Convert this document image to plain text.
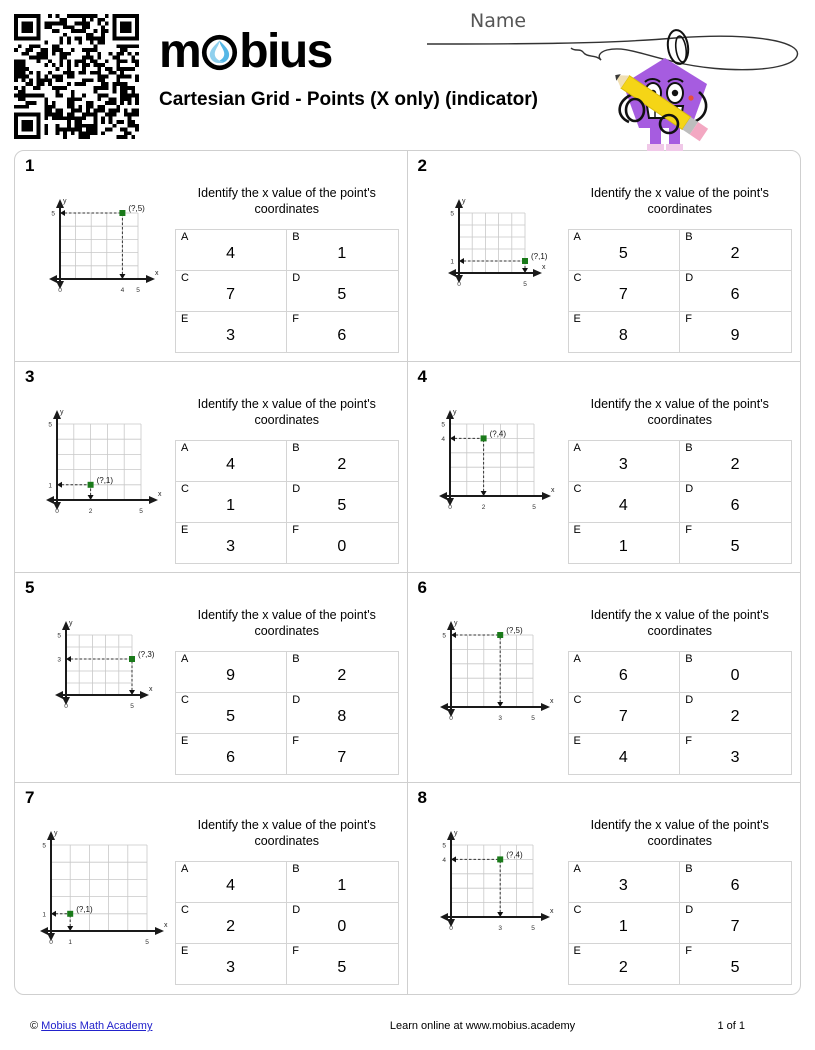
m bius
Cartesian Grid - Points (X only) (indicator)
Name
1
x
y
0	4 5
5
(?,5)
Identify the x value of the point's coordinates
A
4	B
1

C
7	D
5

E
3	F
6
2
x
y
0	5
1
5
(?,1)
Identify the x value of the point's coordinates
A
5	B
2

C
7	D
6

E
8	F
9
3
x
y
0	2	5
1
5
(?,1)
Identify the x value of the point's coordinates
A
4	B
2

C
1	D
5

E
3	F
0
4
x
y
0	2	5
4
5
(?,4)
Identify the x value of the point's coordinates
A
3	B
2

C
4	D
6

E
1	F
5
5
x
y
0	5
3
5
(?,3)
Identify the x value of the point's coordinates
A
9	B
2

C
5	D
8

E
6	F
7
6
x
y
0	3	5
5
(?,5)
Identify the x value of the point's coordinates
A
6	B
0

C
7	D
2

E
4	F
3
7
x
y
0 1	5
1
5
(?,1)
Identify the x value of the point's coordinates
A
4	B
1

C
2	D
0

E
3	F
5
8
x
y
0	3	5
4
5
(?,4)
Identify the x value of the point's coordinates
A
3	B
6

C
1	D
7

E
2	F
5
© Mobius Math Academy	Learn online at www.mobius.academy	1 of 1
